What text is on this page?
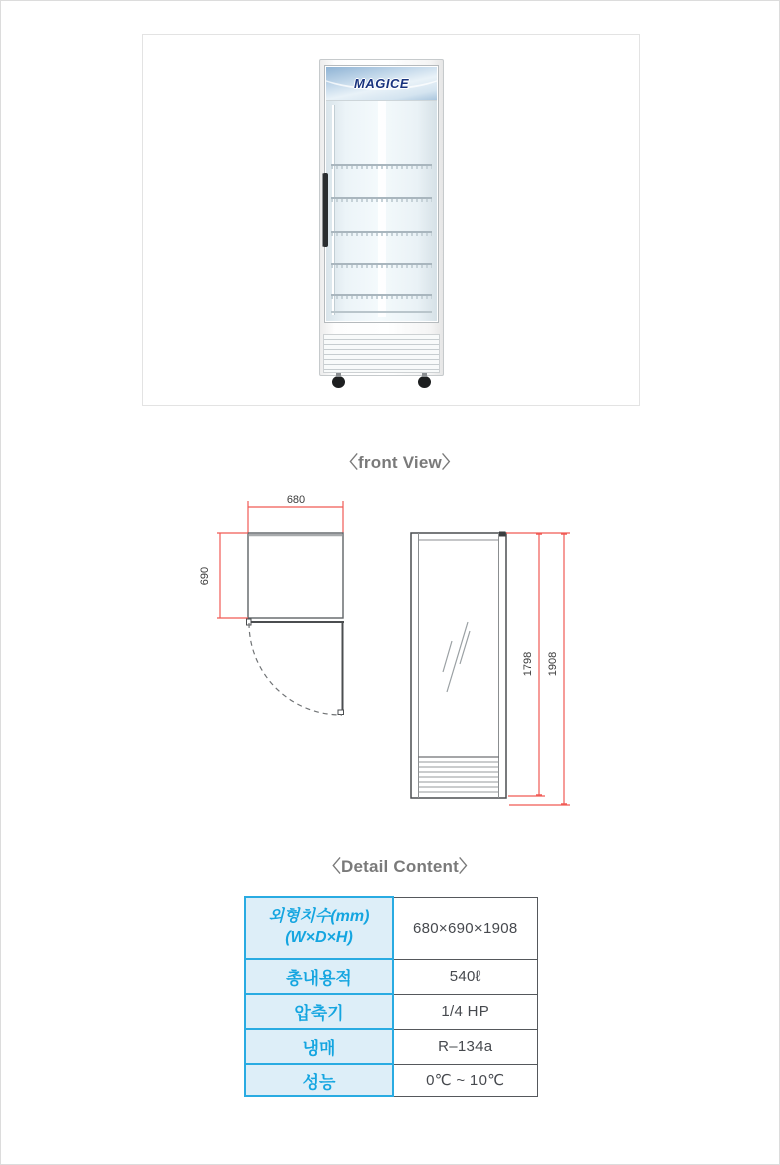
MAGICE
〈front View〉
680
690
1798 1908
〈Detail Content〉
외형치수(mm)
(W×D×H)	680×690×1908
총내용적	540ℓ
압축기	1/4 HP
냉매	R–134a
성능	0℃ ~ 10℃
